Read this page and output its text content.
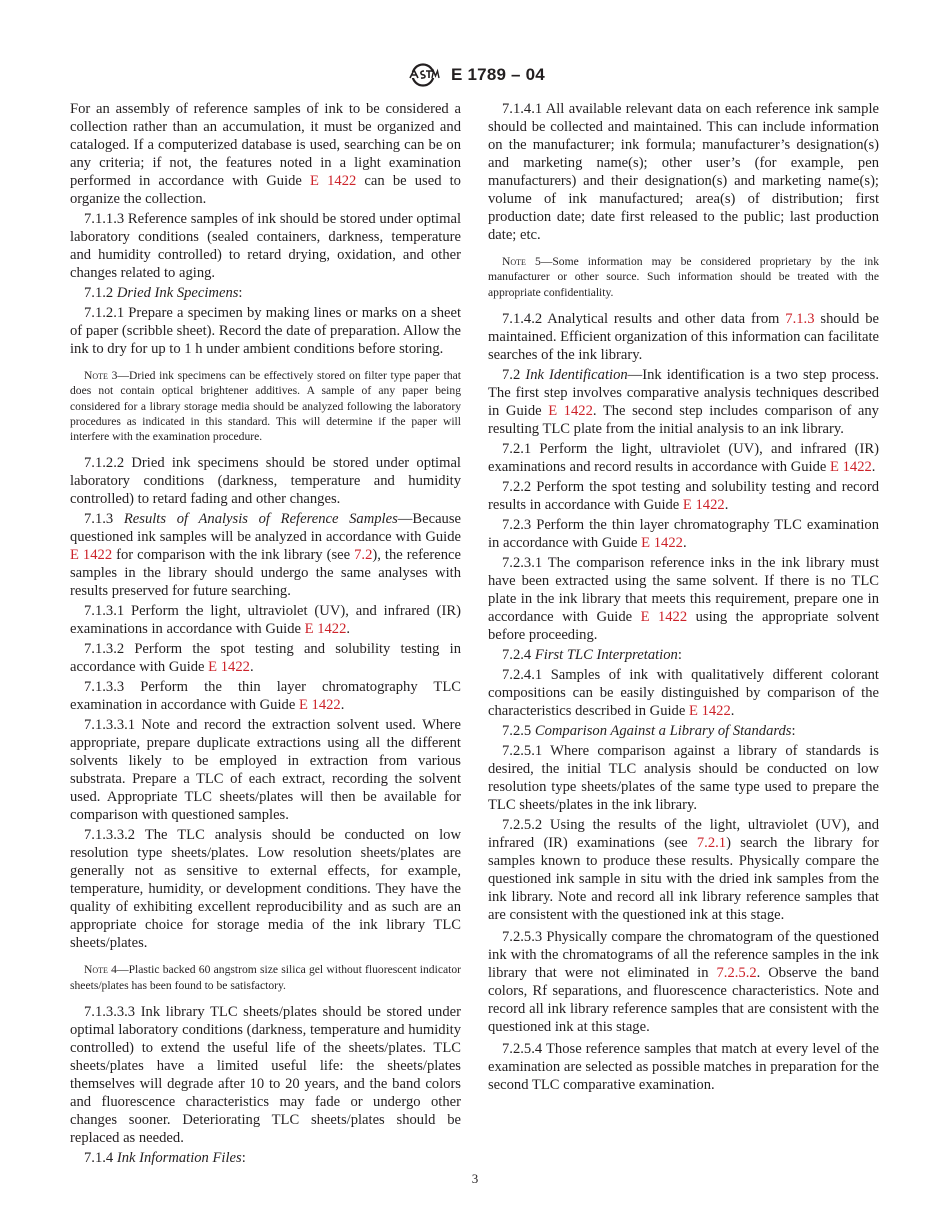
E 1789 – 04

For an assembly of reference samples of ink to be considered a collection rather than an accumulation, it must be organized and cataloged. If a computerized database is used, searching can be on any criteria; if not, the features noted in a light examination performed in accordance with Guide E 1422 can be used to organize the collection.

7.1.1.3 Reference samples of ink should be stored under optimal laboratory conditions (sealed containers, darkness, temperature and humidity controlled) to retard drying, oxidation, and other changes related to aging.

7.1.2 Dried Ink Specimens:

7.1.2.1 Prepare a specimen by making lines or marks on a sheet of paper (scribble sheet). Record the date of preparation. Allow the ink to dry for up to 1 h under ambient conditions before storing.

Note 3—Dried ink specimens can be effectively stored on filter type paper that does not contain optical brightener additives. A sample of any paper being considered for a library storage media should be analyzed following the laboratory procedures as indicated in this standard. This will determine if the paper will interfere with the examination procedure.

7.1.2.2 Dried ink specimens should be stored under optimal laboratory conditions (darkness, temperature and humidity controlled) to retard fading and other changes.

7.1.3 Results of Analysis of Reference Samples—Because questioned ink samples will be analyzed in accordance with Guide E 1422 for comparison with the ink library (see 7.2), the reference samples in the library should undergo the same analyses with results preserved for future searching.

7.1.3.1 Perform the light, ultraviolet (UV), and infrared (IR) examinations in accordance with Guide E 1422.

7.1.3.2 Perform the spot testing and solubility testing in accordance with Guide E 1422.

7.1.3.3 Perform the thin layer chromatography TLC examination in accordance with Guide E 1422.

7.1.3.3.1 Note and record the extraction solvent used. Where appropriate, prepare duplicate extractions using all the different solvents likely to be employed in extraction from various substrata. Prepare a TLC of each extract, recording the solvent used. Appropriate TLC sheets/plates will then be available for comparison with questioned samples.

7.1.3.3.2 The TLC analysis should be conducted on low resolution type sheets/plates. Low resolution sheets/plates are generally not as sensitive to external effects, for example, temperature, humidity, or development conditions. They have the quality of exhibiting excellent reproducibility and as such are an appropriate choice for storage media of the ink library TLC sheets/plates.

Note 4—Plastic backed 60 angstrom size silica gel without fluorescent indicator sheets/plates has been found to be satisfactory.

7.1.3.3.3 Ink library TLC sheets/plates should be stored under optimal laboratory conditions (darkness, temperature and humidity controlled) to extend the useful life of the sheets/plates. TLC sheets/plates have a limited useful life: the sheets/plates themselves will degrade after 10 to 20 years, and the band colors and fluorescence characteristics may fade or undergo other changes sooner. Deteriorating TLC sheets/plates should be replaced as needed.

7.1.4 Ink Information Files:

7.1.4.1 All available relevant data on each reference ink sample should be collected and maintained. This can include information on the manufacturer; ink formula; manufacturer’s designation(s) and marketing name(s); other user’s (for example, pen manufacturers) and their designation(s) and marketing name(s); volume of ink manufactured; area(s) of distribution; first production date; date first released to the public; last production date; etc.

Note 5—Some information may be considered proprietary by the ink manufacturer or other source. Such information should be treated with the appropriate confidentiality.

7.1.4.2 Analytical results and other data from 7.1.3 should be maintained. Efficient organization of this information can facilitate searches of the ink library.

7.2 Ink Identification—Ink identification is a two step process. The first step involves comparative analysis techniques described in Guide E 1422. The second step includes comparison of any resulting TLC plate from the initial analysis to an ink library.

7.2.1 Perform the light, ultraviolet (UV), and infrared (IR) examinations and record results in accordance with Guide E 1422.

7.2.2 Perform the spot testing and solubility testing and record results in accordance with Guide E 1422.

7.2.3 Perform the thin layer chromatography TLC examination in accordance with Guide E 1422.

7.2.3.1 The comparison reference inks in the ink library must have been extracted using the same solvent. If there is no TLC plate in the ink library that meets this requirement, prepare one in accordance with Guide E 1422 using the appropriate solvent before proceeding.

7.2.4 First TLC Interpretation:

7.2.4.1 Samples of ink with qualitatively different colorant compositions can be easily distinguished by comparison of the characteristics described in Guide E 1422.

7.2.5 Comparison Against a Library of Standards:

7.2.5.1 Where comparison against a library of standards is desired, the initial TLC analysis should be conducted on low resolution type sheets/plates of the same type used to prepare the TLC sheets/plates in the ink library.

7.2.5.2 Using the results of the light, ultraviolet (UV), and infrared (IR) examinations (see 7.2.1) search the library for samples known to produce these results. Physically compare the questioned ink sample in situ with the dried ink samples from the ink library. Note and record all ink library reference samples that are consistent with the questioned ink at this stage.

7.2.5.3 Physically compare the chromatogram of the questioned ink with the chromatograms of all the reference samples in the ink library that were not eliminated in 7.2.5.2. Observe the band colors, Rf separations, and fluorescence characteristics. Note and record all ink library reference samples that are consistent with the questioned ink at this stage.

7.2.5.4 Those reference samples that match at every level of the examination are selected as possible matches in preparation for the second TLC comparative examination.

3
